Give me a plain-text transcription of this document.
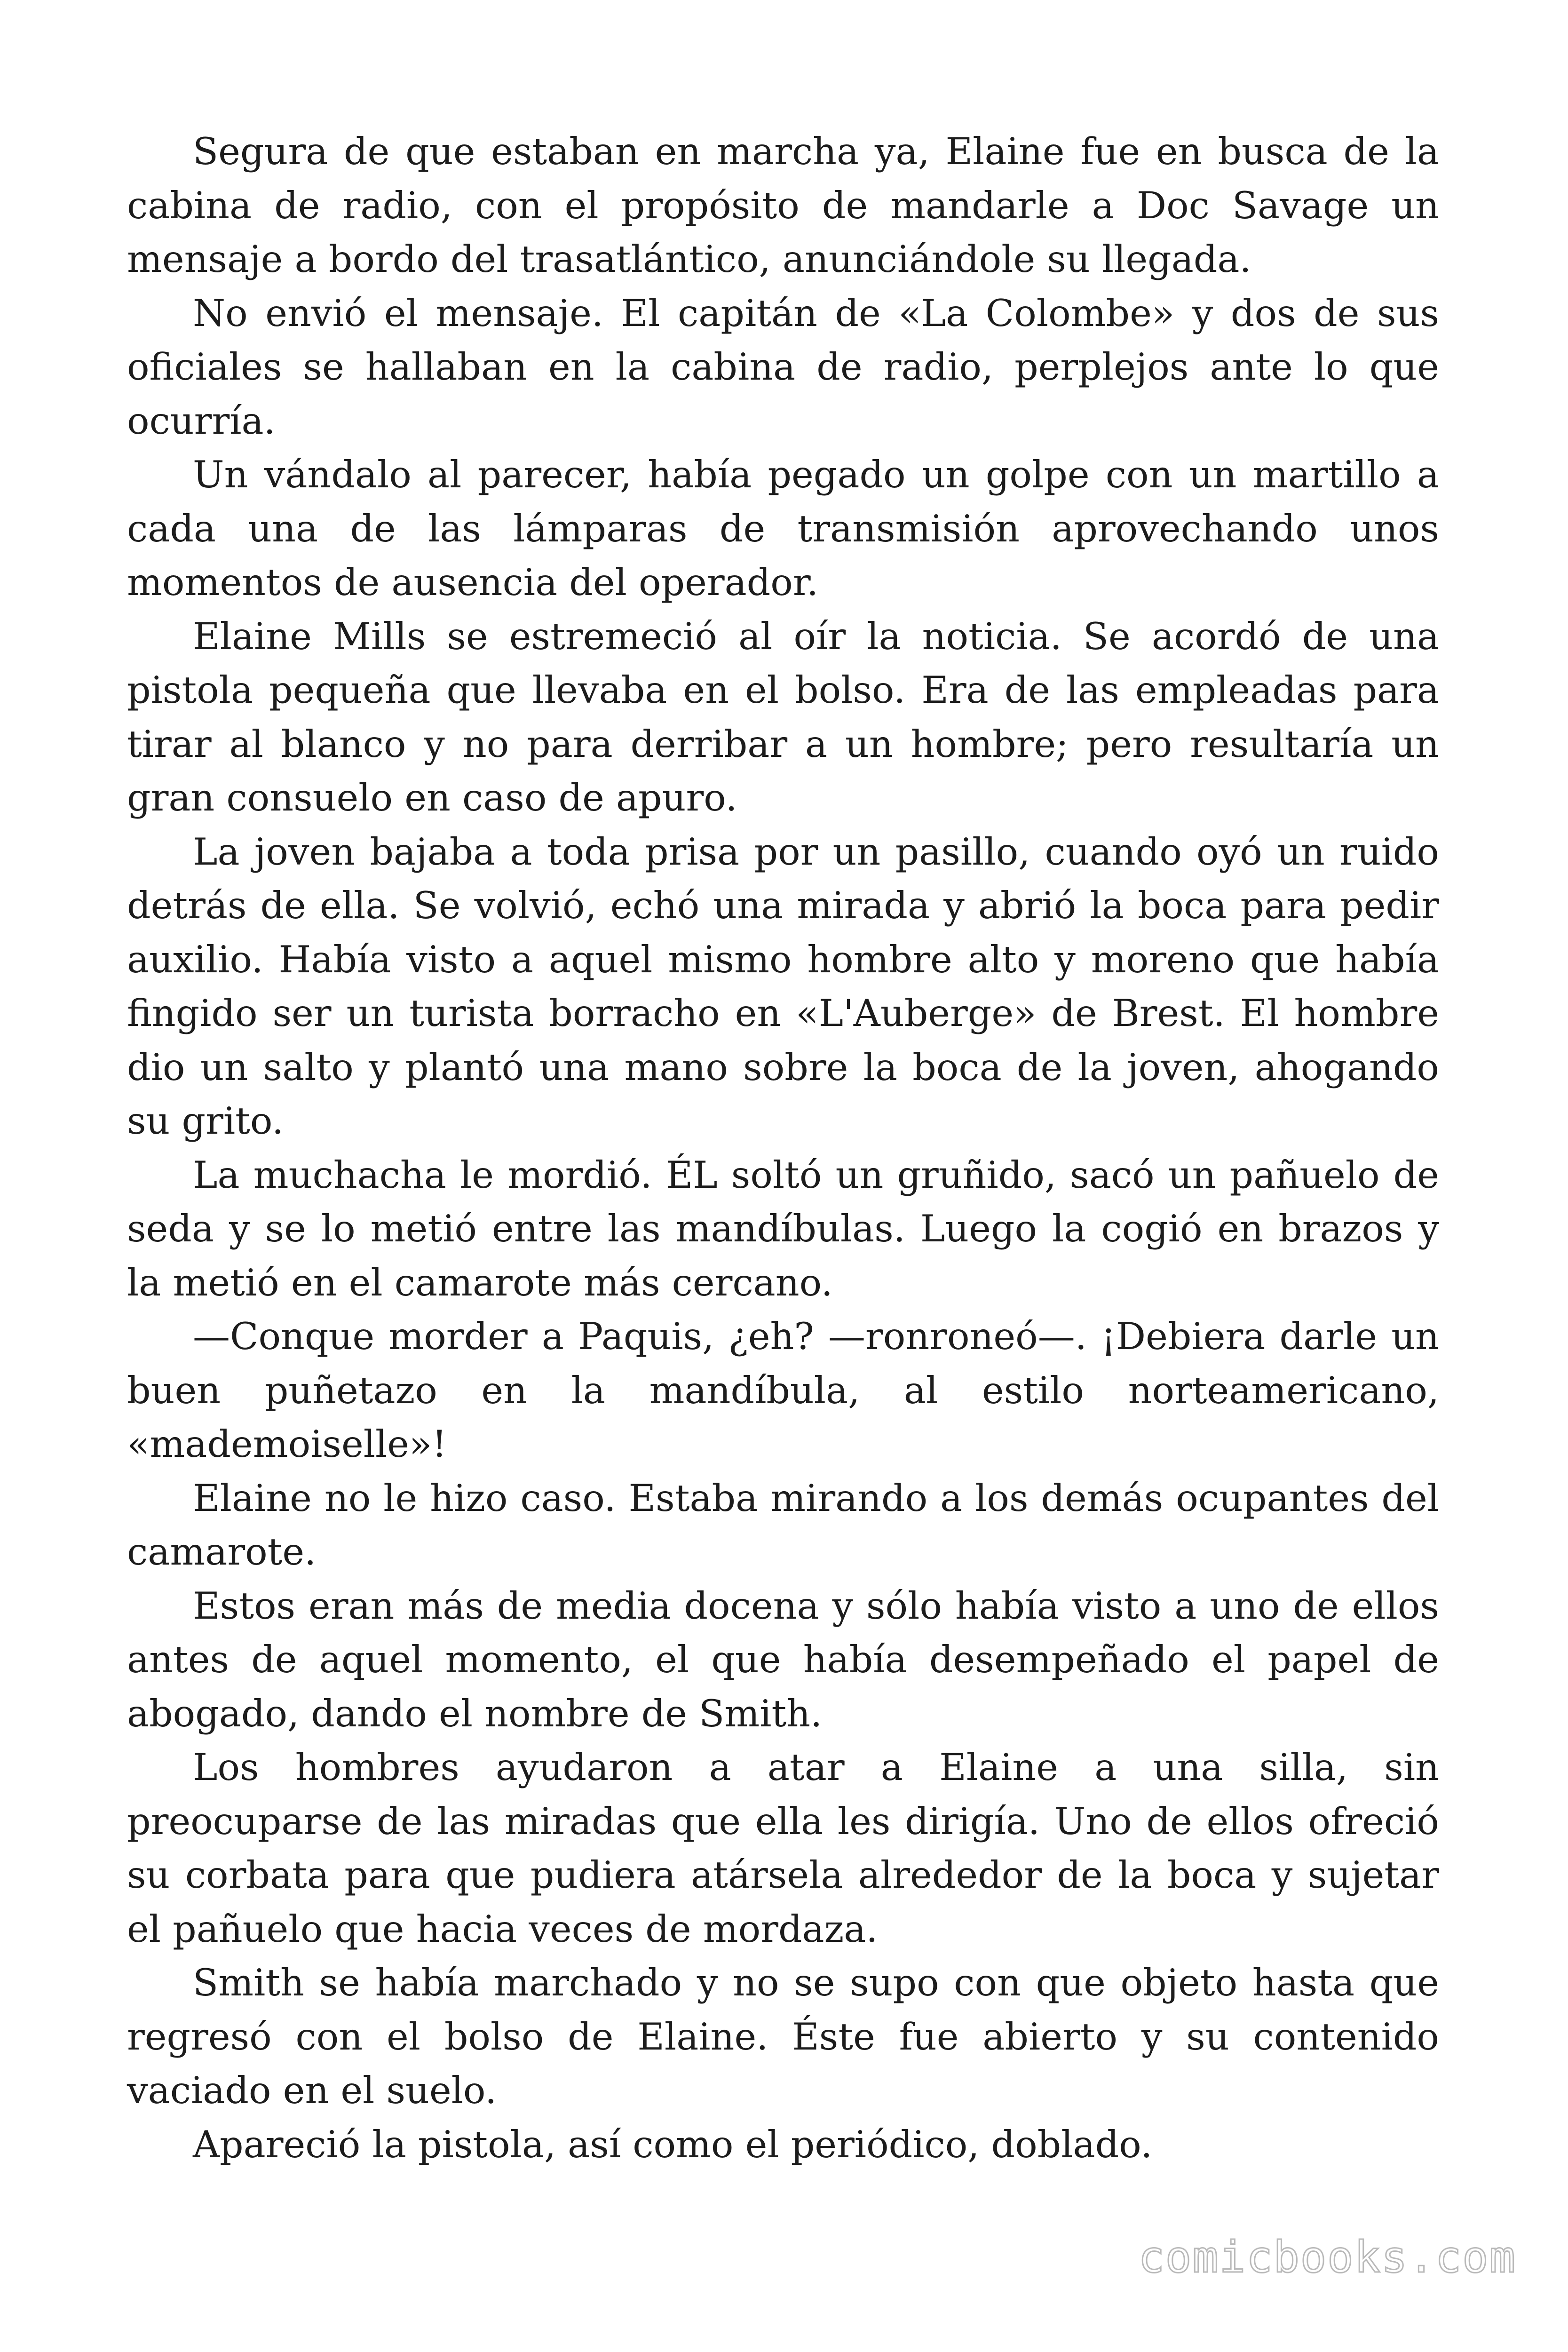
Segura de que estaban en marcha ya, Elaine fue en busca de la cabina de radio, con el propósito de mandarle a Doc Savage un mensaje a bordo del trasatlántico, anunciándole su llegada.

No envió el mensaje. El capitán de «La Colombe» y dos de sus oficiales se hallaban en la cabina de radio, perplejos ante lo que ocurría.

Un vándalo al parecer, había pegado un golpe con un martillo a cada una de las lámparas de transmisión aprovechando unos momentos de ausencia del operador.

Elaine Mills se estremeció al oír la noticia. Se acordó de una pistola pequeña que llevaba en el bolso. Era de las empleadas para tirar al blanco y no para derribar a un hombre; pero resultaría un gran consuelo en caso de apuro.

La joven bajaba a toda prisa por un pasillo, cuando oyó un ruido detrás de ella. Se volvió, echó una mirada y abrió la boca para pedir auxilio. Había visto a aquel mismo hombre alto y moreno que había fingido ser un turista borracho en «L'Auberge» de Brest. El hombre dio un salto y plantó una mano sobre la boca de la joven, ahogando su grito.

La muchacha le mordió. ÉL soltó un gruñido, sacó un pañuelo de seda y se lo metió entre las mandíbulas. Luego la cogió en brazos y la metió en el camarote más cercano.

—Conque morder a Paquis, ¿eh? —ronroneó—. ¡Debiera darle un buen puñetazo en la mandíbula, al estilo norteamericano, «mademoiselle»!

Elaine no le hizo caso. Estaba mirando a los demás ocupantes del camarote.

Estos eran más de media docena y sólo había visto a uno de ellos antes de aquel momento, el que había desempeñado el papel de abogado, dando el nombre de Smith.

Los hombres ayudaron a atar a Elaine a una silla, sin preocuparse de las miradas que ella les dirigía. Uno de ellos ofreció su corbata para que pudiera atársela alrededor de la boca y sujetar el pañuelo que hacia veces de mordaza.

Smith se había marchado y no se supo con que objeto hasta que regresó con el bolso de Elaine. Éste fue abierto y su contenido vaciado en el suelo.

Apareció la pistola, así como el periódico, doblado.

comicbooks.com
